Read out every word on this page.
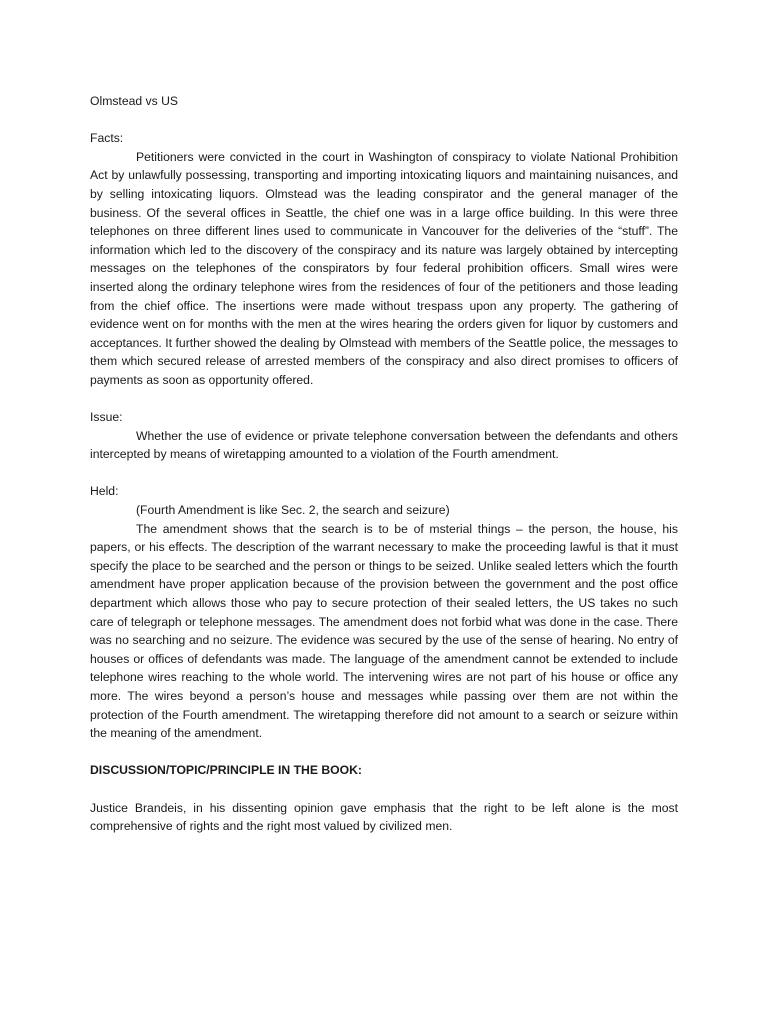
Olmstead vs US

Facts:

Petitioners were convicted in the court in Washington of conspiracy to violate National Prohibition Act by unlawfully possessing, transporting and importing intoxicating liquors and maintaining nuisances, and by selling intoxicating liquors. Olmstead was the leading conspirator and the general manager of the business. Of the several offices in Seattle, the chief one was in a large office building. In this were three telephones on three different lines used to communicate in Vancouver for the deliveries of the “stuff”. The information which led to the discovery of the conspiracy and its nature was largely obtained by intercepting messages on the telephones of the conspirators by four federal prohibition officers. Small wires were inserted along the ordinary telephone wires from the residences of four of the petitioners and those leading from the chief office. The insertions were made without trespass upon any property. The gathering of evidence went on for months with the men at the wires hearing the orders given for liquor by customers and acceptances. It further showed the dealing by Olmstead with members of the Seattle police, the messages to them which secured release of arrested members of the conspiracy and also direct promises to officers of payments as soon as opportunity offered.

Issue:

Whether the use of evidence or private telephone conversation between the defendants and others intercepted by means of wiretapping amounted to a violation of the Fourth amendment.

Held:

(Fourth Amendment is like Sec. 2, the search and seizure)

The amendment shows that the search is to be of msterial things – the person, the house, his papers, or his effects. The description of the warrant necessary to make the proceeding lawful is that it must specify the place to be searched and the person or things to be seized. Unlike sealed letters which the fourth amendment have proper application because of the provision between the government and the post office department which allows those who pay to secure protection of their sealed letters, the US takes no such care of telegraph or telephone messages. The amendment does not forbid what was done in the case. There was no searching and no seizure. The evidence was secured by the use of the sense of hearing. No entry of houses or offices of defendants was made. The language of the amendment cannot be extended to include telephone wires reaching to the whole world. The intervening wires are not part of his house or office any more. The wires beyond a person’s house and messages while passing over them are not within the protection of the Fourth amendment. The wiretapping therefore did not amount to a search or seizure within the meaning of the amendment.

DISCUSSION/TOPIC/PRINCIPLE IN THE BOOK:

Justice Brandeis, in his dissenting opinion gave emphasis that the right to be left alone is the most comprehensive of rights and the right most valued by civilized men.
